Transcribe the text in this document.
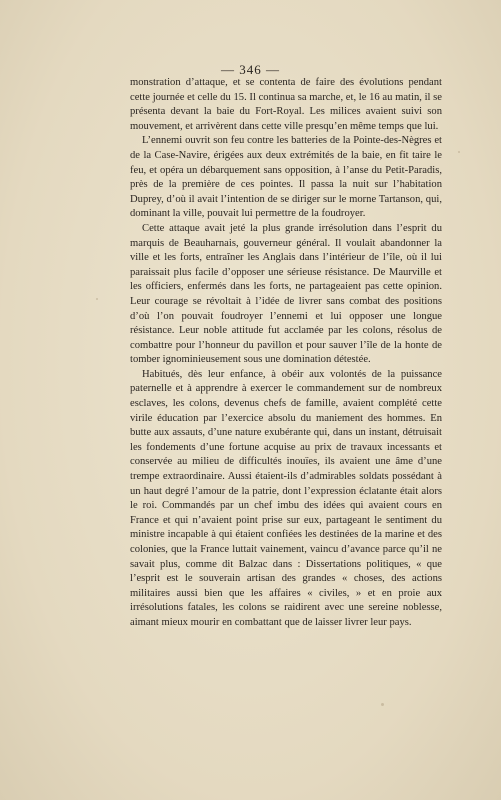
— 346 —

monstration d’attaque, et se contenta de faire des évolutions pendant cette journée et celle du 15. Il continua sa marche, et, le 16 au matin, il se présenta devant la baie du Fort-Royal. Les milices avaient suivi son mouvement, et arrivèrent dans cette ville presqu’en même temps que lui.

L’ennemi ouvrit son feu contre les batteries de la Pointe-des-Nègres et de la Case-Navire, érigées aux deux extrémités de la baie, en fit taire le feu, et opéra un débarquement sans opposition, à l’anse du Petit-Paradis, près de la première de ces pointes. Il passa la nuit sur l’habitation Duprey, d’où il avait l’intention de se diriger sur le morne Tartanson, qui, dominant la ville, pouvait lui permettre de la foudroyer.

Cette attaque avait jeté la plus grande irrésolution dans l’esprit du marquis de Beauharnais, gouverneur général. Il voulait abandonner la ville et les forts, entraîner les Anglais dans l’intérieur de l’île, où il lui paraissait plus facile d’opposer une sérieuse résistance. De Maurville et les officiers, enfermés dans les forts, ne partageaient pas cette opinion. Leur courage se révoltait à l’idée de livrer sans combat des positions d’où l’on pouvait foudroyer l’ennemi et lui opposer une longue résistance. Leur noble attitude fut acclamée par les colons, résolus de combattre pour l’honneur du pavillon et pour sauver l’île de la honte de tomber ignominieusement sous une domination détestée.

Habitués, dès leur enfance, à obéir aux volontés de la puissance paternelle et à apprendre à exercer le commandement sur de nombreux esclaves, les colons, devenus chefs de famille, avaient complété cette virile éducation par l’exercice absolu du maniement des hommes. En butte aux assauts, d’une nature exubérante qui, dans un instant, détruisait les fondements d’une fortune acquise au prix de travaux incessants et conservée au milieu de difficultés inouïes, ils avaient une âme d’une trempe extraordinaire. Aussi étaient-ils d’admirables soldats possédant à un haut degré l’amour de la patrie, dont l’expression éclatante était alors le roi. Commandés par un chef imbu des idées qui avaient cours en France et qui n’avaient point prise sur eux, partageant le sentiment du ministre incapable à qui étaient confiées les destinées de la marine et des colonies, que la France luttait vainement, vaincu d’avance parce qu’il ne savait plus, comme dit Balzac dans : Dissertations politiques, « que l’esprit est le souverain artisan des grandes « choses, des actions militaires aussi bien que les affaires « civiles, » et en proie aux irrésolutions fatales, les colons se raidirent avec une sereine noblesse, aimant mieux mourir en combattant que de laisser livrer leur pays.
